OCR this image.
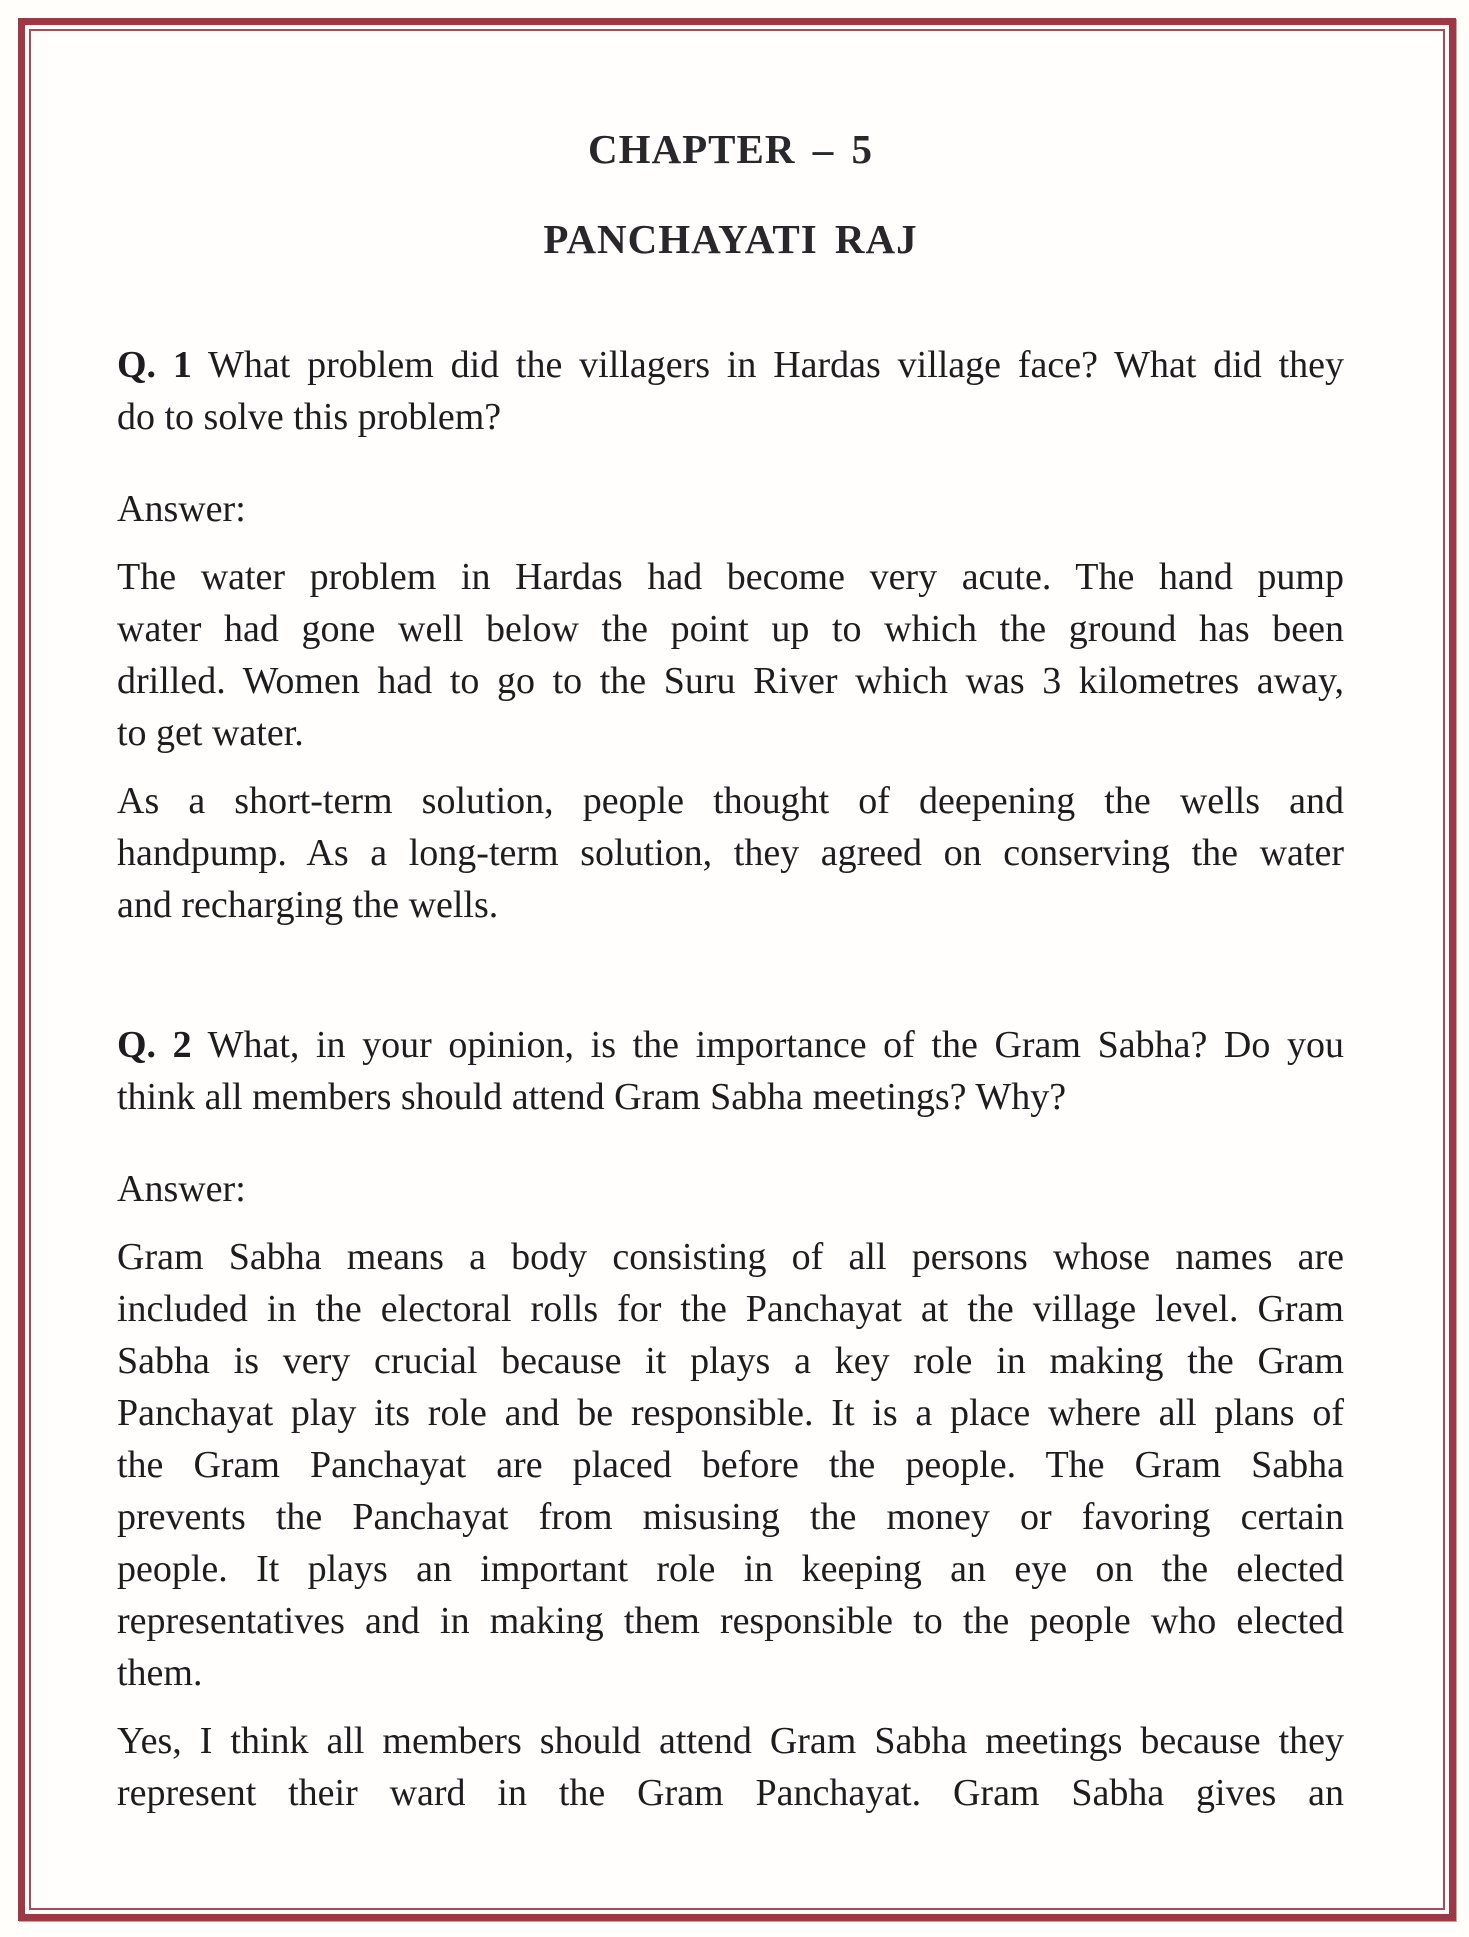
CHAPTER – 5
PANCHAYATI RAJ
Q. 1 What problem did the villagers in Hardas village face? What did they
do to solve this problem?
Answer:
The water problem in Hardas had become very acute. The hand pump
water had gone well below the point up to which the ground has been
drilled. Women had to go to the Suru River which was 3 kilometres away,
to get water.
As a short-term solution, people thought of deepening the wells and
handpump. As a long-term solution, they agreed on conserving the water
and recharging the wells.
Q. 2 What, in your opinion, is the importance of the Gram Sabha? Do you
think all members should attend Gram Sabha meetings? Why?
Answer:
Gram Sabha means a body consisting of all persons whose names are
included in the electoral rolls for the Panchayat at the village level. Gram
Sabha is very crucial because it plays a key role in making the Gram
Panchayat play its role and be responsible. It is a place where all plans of
the Gram Panchayat are placed before the people. The Gram Sabha
prevents the Panchayat from misusing the money or favoring certain
people. It plays an important role in keeping an eye on the elected
representatives and in making them responsible to the people who elected
them.
Yes, I think all members should attend Gram Sabha meetings because they
represent their ward in the Gram Panchayat. Gram Sabha gives an
